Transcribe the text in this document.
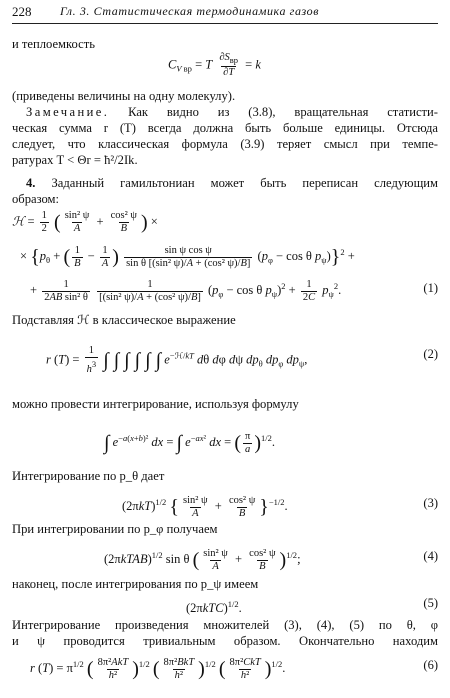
228 Гл. 3. Статистическая термодинамика газов
и теплоемкость
$C_V$ $_{вр}$ = T $\frac{\partial S_{вр}}{\partial T} = k$
(приведены величины на одну молекулу).
Замечание. Как видно из (3.8), вращательная статисти-
ческая сумма r (T) всегда должна быть больше единицы. Отсюда
следует, что классическая формула (3.9) теряет смысл при темпе-
ратурах T < Θr = ħ²/2Ik.
4. Заданный гамильтониан может быть переписан следующим
образом:
ℋ = $\frac{1}{2}$ ( $\frac{\text{sin² ψ}}{A} + \frac{\text{cos² ψ}}{B}$ ) ×
× {$p_\theta$ + ( $\frac{1}{B} - \frac{1}{A}$ ) $\frac{\text{sin ψ cos ψ}}{\text{sin θ [(sin² ψ)/A + (cos² ψ)/B]}} (p_\varphi - \cos \theta$ $p_\psi)\}^2$ +
+ $\frac{1}{\text{2AB sin² θ}}$
$\frac{1}{\text{[(sin² ψ)/A + (cos² ψ)/B]}} (p_\varphi - \cos \theta$ $p_\psi)^2 + \frac{1}{2C} p_\psi^2$.	(1)
Подставляя ℋ в классическое выражение
r $(T) = \frac{1}{h^3}$ ∫ ∫ ∫ ∫ ∫ ∫ $e^{-ℋ/kT}$ dθ dφ dψ $dp_\theta$ $dp_\varphi$ $dp_\psi$,	(2)
можно провести интегрирование, используя формулу
∫ $e^{-a(x+b)^2}$ dx = ∫ $e^{-ax^2}$ dx = ( $\frac{\pi}{a} )^{1/2}$.
Интегрирование по p_θ дает
$(2\pi kT)^{1/2}$ { $\frac{\text{sin² ψ}}{A} + \frac{\text{cos² ψ}}{B} \}^{-1/2}$.	(3)
При интегрировании по p_φ получаем
(2πkTAB)$^{1/2}$ sin θ ( $\frac{\text{sin² ψ}}{A} + \frac{\text{cos² ψ}}{B} )^{1/2}$;	(4)
наконец, после интегрирования по p_ψ имеем
$(2\pi kTC)^{1/2}$.	(5)
Интегрирование произведения множителей (3), (4), (5) по θ, φ
и ψ проводится тривиальным образом. Окончательно находим
r $(T) = \pi^{1/2}$ ( $\frac{\text{8π²AkT}}{\text{h²}} )^{1/2}$ ( $\frac{\text{8π²BkT}}{\text{h²}} )^{1/2}$ ( $\frac{\text{8π²CkT}}{\text{h²}} )^{1/2}$.	(6)
